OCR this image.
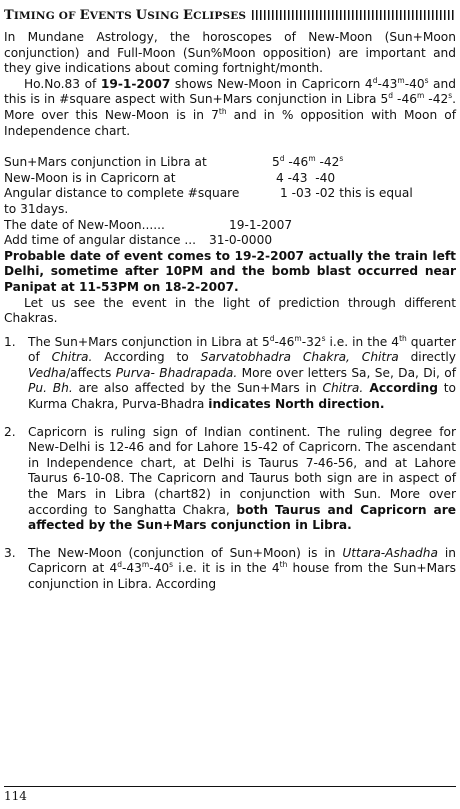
TIMING OF EVENTS USING ECLIPSES

In Mundane Astrology, the horoscopes of New-Moon (Sun+Moon conjunction) and Full-Moon (Sun%Moon opposition) are important and they give indications about coming fortnight/month.

Ho.No.83 of 19-1-2007 shows New-Moon in Capricorn 4$^d$-43$^m$-40$^s$ and this is in #square aspect with Sun+Mars conjunction in Libra 5$^d$ -46$^m$ -42$^s$. More over this New-Moon is in 7th and in % opposition with Moon of Independence chart.

Sun+Mars conjunction in Libra at	5$^d$ -46$^m$ -42$^s$
New-Moon is in Capricorn at	4 -43  -40
Angular distance to complete #square	1 -03 -02 this is equal

to 31days.

The date of New-Moon......	19-1-2007
Add time of angular distance ...	31-0-0000

Probable date of event comes to 19-2-2007 actually the train left Delhi, sometime after 10PM and the bomb blast occurred near Panipat at 11-53PM on 18-2-2007.

Let us see the event in the light of prediction through different Chakras.

1.	The Sun+Mars conjunction in Libra at 5$^d$-46$^m$-32$^s$ i.e. in the 4th quarter of Chitra. According to Sarvatobhadra Chakra, Chitra directly Vedha/affects Purva- Bhadrapada. More over letters Sa, Se, Da, Di, of Pu. Bh. are also affected by the Sun+Mars in Chitra. According to Kurma Chakra, Purva-Bhadra indicates North direction.
2.	Capricorn is ruling sign of Indian continent. The ruling degree for New-Delhi is 12-46 and for Lahore 15-42 of Capricorn. The ascendant in Independence chart, at Delhi is Taurus 7-46-56, and at Lahore Taurus 6-10-08. The Capricorn and Taurus both sign are in aspect of the Mars in Libra (chart82) in conjunction with Sun. More over according to Sanghatta Chakra, both Taurus and Capricorn are affected by the Sun+Mars conjunction in Libra.
3.	The New-Moon (conjunction of Sun+Moon) is in Uttara-Ashadha in Capricorn at 4$^d$-43$^m$-40$^s$ i.e. it is in the 4th house from the Sun+Mars conjunction in Libra. According
114
